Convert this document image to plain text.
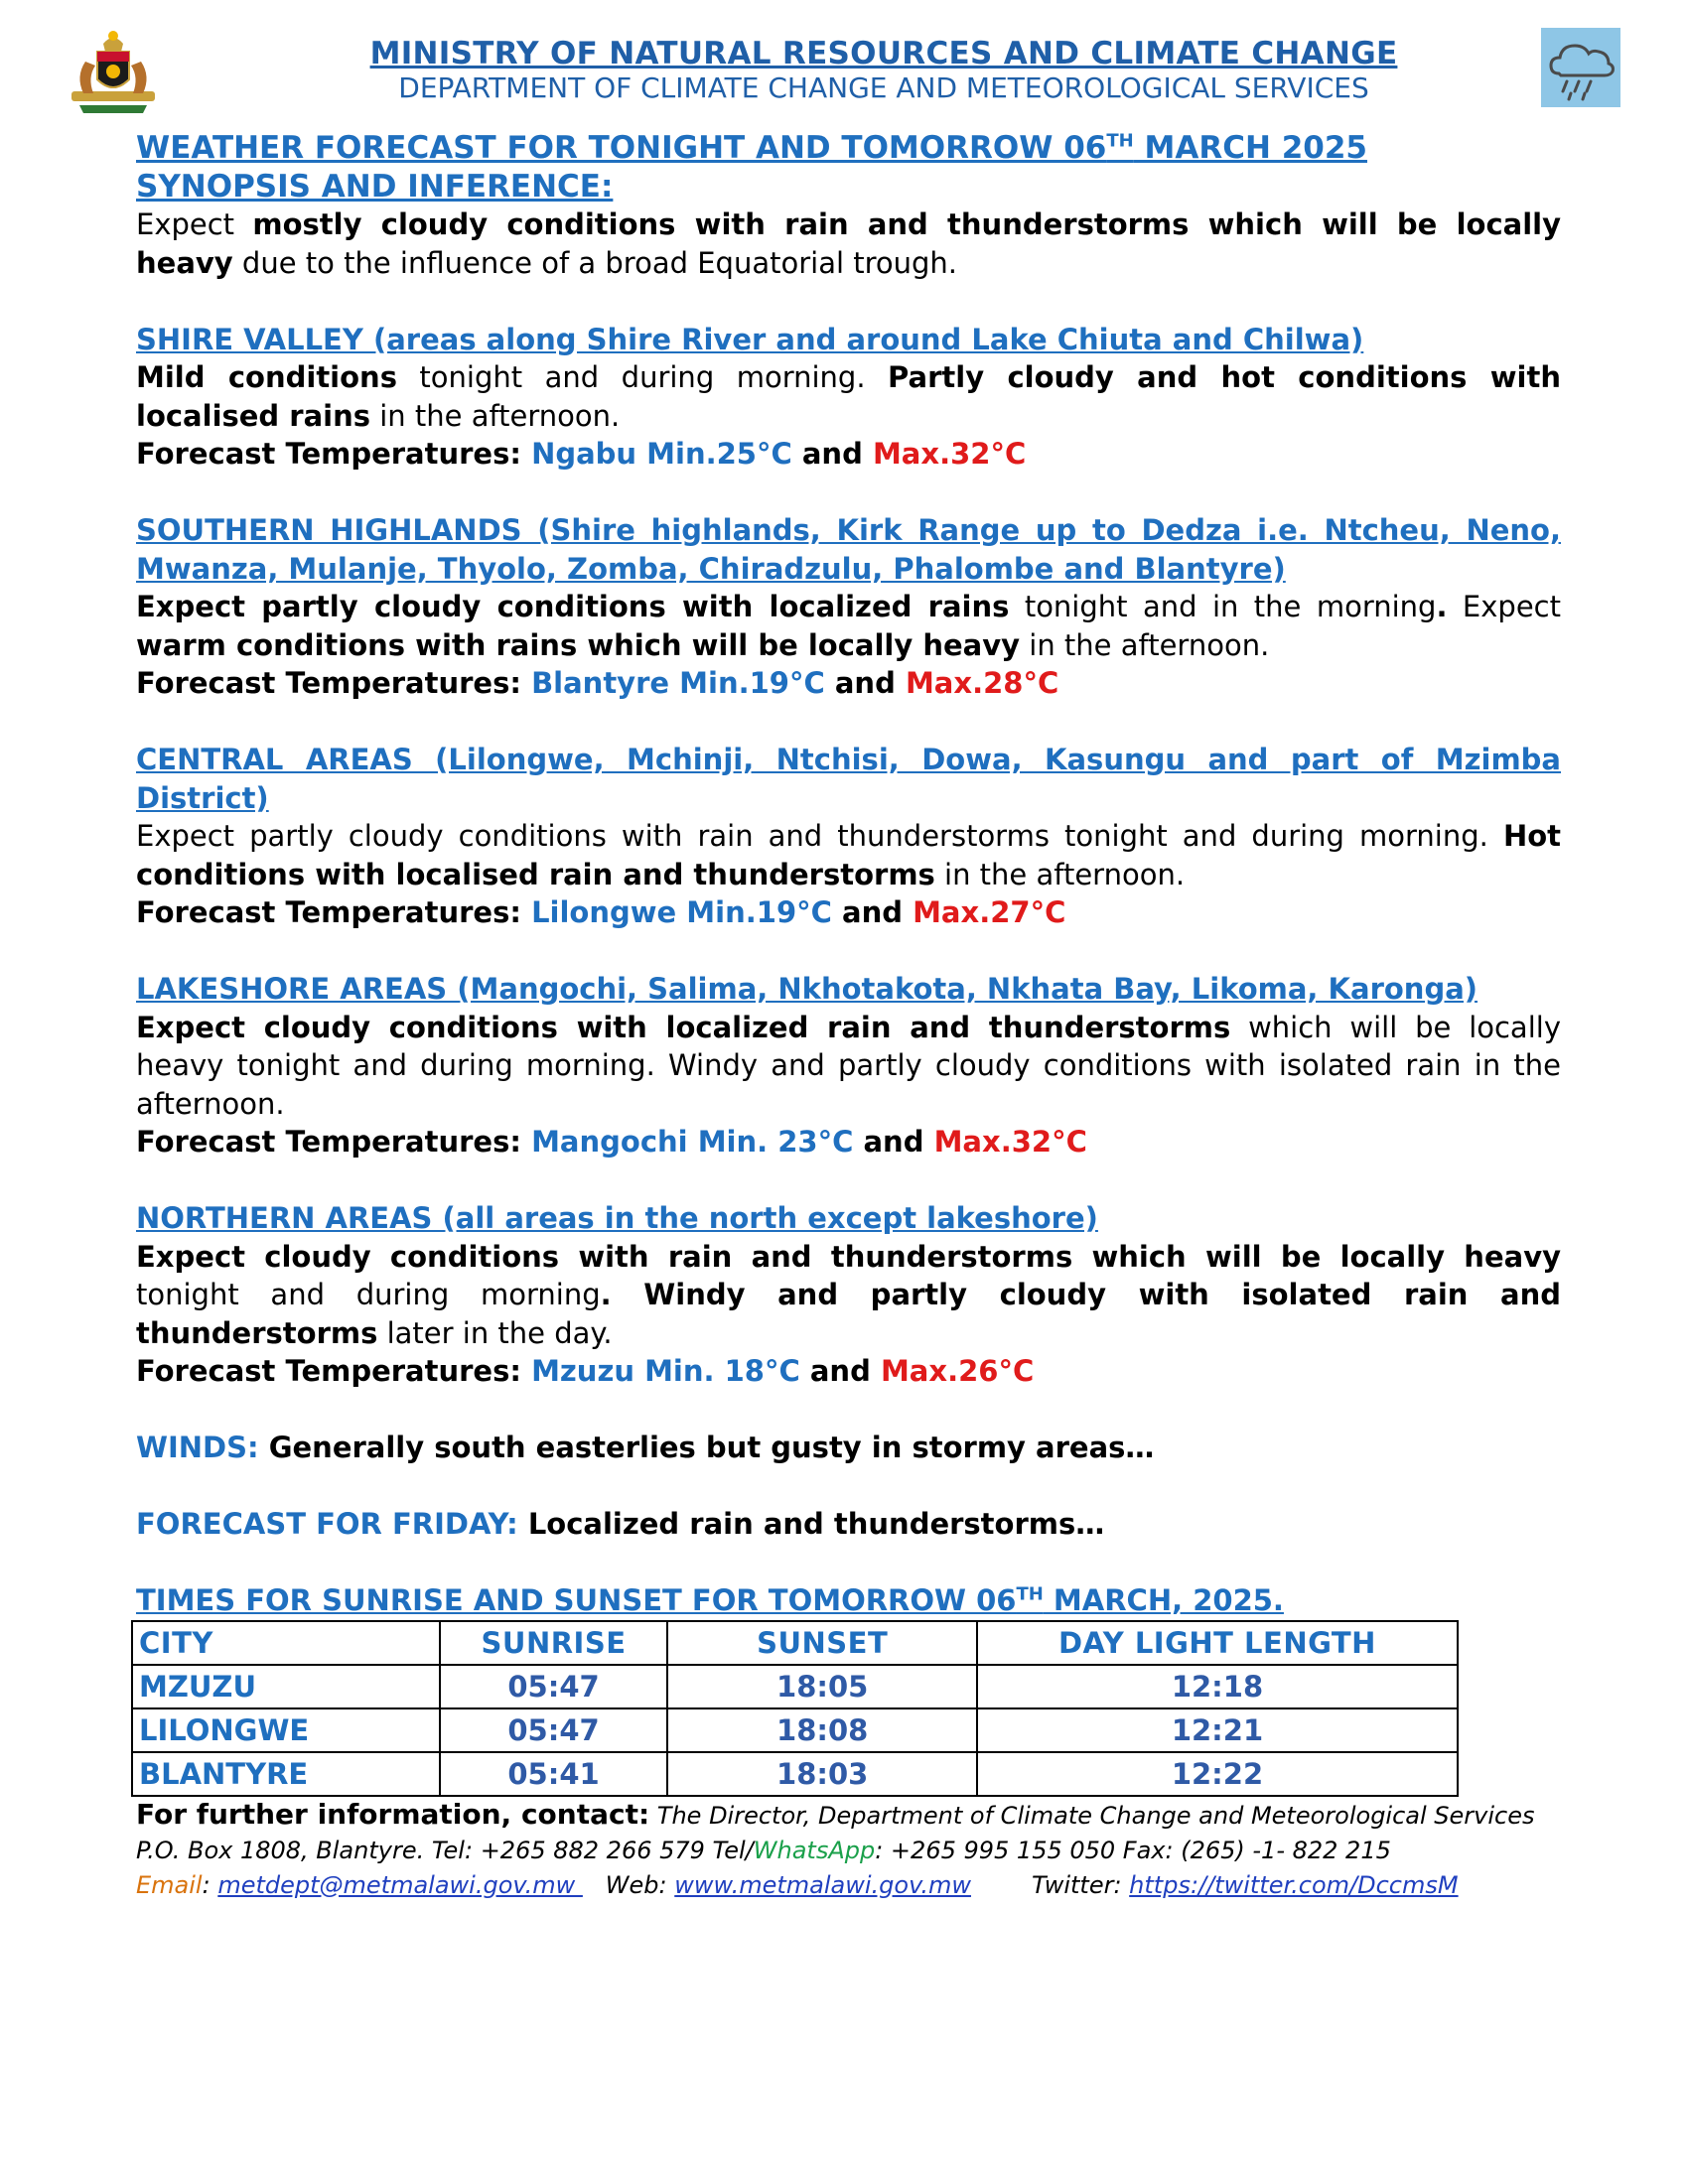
MINISTRY OF NATURAL RESOURCES AND CLIMATE CHANGE
DEPARTMENT OF CLIMATE CHANGE AND METEOROLOGICAL SERVICES

WEATHER FORECAST FOR TONIGHT AND TOMORROW 06TH MARCH 2025

SYNOPSIS AND INFERENCE:

Expect mostly cloudy conditions with rain and thunderstorms which will be locally heavy due to the influence of a broad Equatorial trough.

SHIRE VALLEY (areas along Shire River and around Lake Chiuta and Chilwa)

Mild conditions tonight and during morning. Partly cloudy and hot conditions with localised rains in the afternoon.

Forecast Temperatures: Ngabu Min.25°C and Max.32°C

SOUTHERN HIGHLANDS (Shire highlands, Kirk Range up to Dedza i.e. Ntcheu, Neno, Mwanza, Mulanje, Thyolo, Zomba, Chiradzulu, Phalombe and Blantyre)

Expect partly cloudy conditions with localized rains tonight and in the morning. Expect warm conditions with rains which will be locally heavy in the afternoon.

Forecast Temperatures: Blantyre Min.19°C and Max.28°C

CENTRAL AREAS (Lilongwe, Mchinji, Ntchisi, Dowa, Kasungu and part of Mzimba District)

Expect partly cloudy conditions with rain and thunderstorms tonight and during morning. Hot conditions with localised rain and thunderstorms in the afternoon.

Forecast Temperatures: Lilongwe Min.19°C and Max.27°C

LAKESHORE AREAS (Mangochi, Salima, Nkhotakota, Nkhata Bay, Likoma, Karonga)

Expect cloudy conditions with localized rain and thunderstorms which will be locally heavy tonight and during morning. Windy and partly cloudy conditions with isolated rain in the afternoon.

Forecast Temperatures: Mangochi Min. 23°C and Max.32°C

NORTHERN AREAS (all areas in the north except lakeshore)

Expect cloudy conditions with rain and thunderstorms which will be locally heavy tonight and during morning. Windy and partly cloudy with isolated rain and thunderstorms later in the day.

Forecast Temperatures: Mzuzu Min. 18°C and Max.26°C

WINDS: Generally south easterlies but gusty in stormy areas…

FORECAST FOR FRIDAY: Localized rain and thunderstorms…

TIMES FOR SUNRISE AND SUNSET FOR TOMORROW 06TH MARCH, 2025.

CITY	SUNRISE	SUNSET	DAY LIGHT LENGTH
MZUZU	05:47	18:05	12:18
LILONGWE	05:47	18:08	12:21
BLANTYRE	05:41	18:03	12:22
For further information, contact: The Director, Department of Climate Change and Meteorological Services
P.O. Box 1808, Blantyre. Tel: +265 882 266 579 Tel/WhatsApp: +265 995 155 050 Fax: (265) -1- 822 215
Email: metdept@metmalawi.gov.mw    Web: www.metmalawi.gov.mw	Twitter: https://twitter.com/DccmsM
